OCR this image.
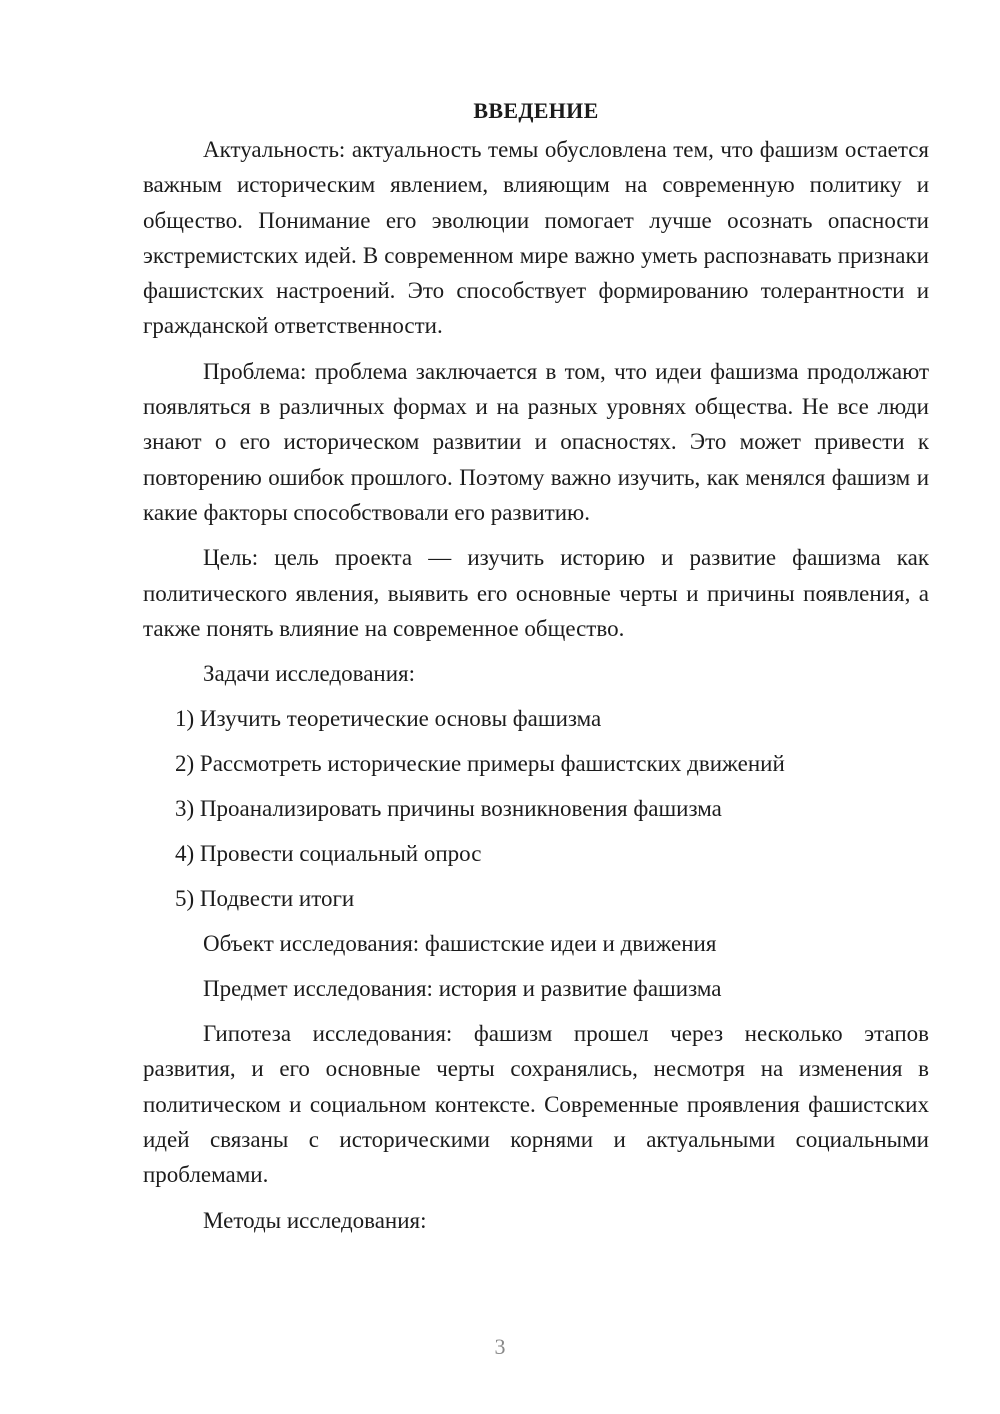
ВВЕДЕНИЕ

Актуальность: актуальность темы обусловлена тем, что фашизм остается важным историческим явлением, влияющим на современную политику и общество. Понимание его эволюции помогает лучше осознать опасности экстремистских идей. В современном мире важно уметь распознавать признаки фашистских настроений. Это способствует формированию толерантности и гражданской ответственности.

Проблема: проблема заключается в том, что идеи фашизма продолжают появляться в различных формах и на разных уровнях общества. Не все люди знают о его историческом развитии и опасностях. Это может привести к повторению ошибок прошлого. Поэтому важно изучить, как менялся фашизм и какие факторы способствовали его развитию.

Цель: цель проекта — изучить историю и развитие фашизма как политического явления, выявить его основные черты и причины появления, а также понять влияние на современное общество.

Задачи исследования:
1) Изучить теоретические основы фашизма
2) Рассмотреть исторические примеры фашистских движений
3) Проанализировать причины возникновения фашизма
4) Провести социальный опрос
5) Подвести итоги
Объект исследования: фашистские идеи и движения
Предмет исследования: история и развитие фашизма

Гипотеза исследования: фашизм прошел через несколько этапов развития, и его основные черты сохранялись, несмотря на изменения в политическом и социальном контексте. Современные проявления фашистских идей связаны с историческими корнями и актуальными социальными проблемами.

Методы исследования:
3
